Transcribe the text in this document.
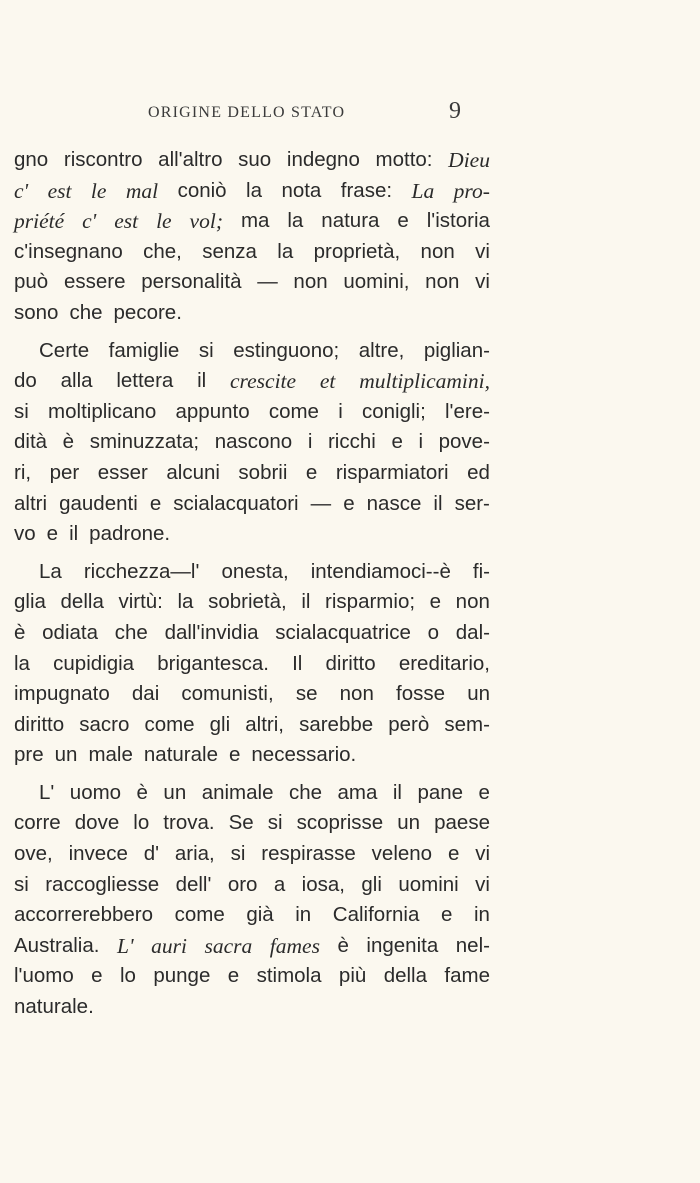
ORIGINE DELLO STATO	9
gno riscontro all'altro suo indegno motto: Dieu
c' est le mal coniò la nota frase: La pro-
priété c' est le vol; ma la natura e l'istoria
c'insegnano che, senza la proprietà, non vi
può essere personalità — non uomini, non vi
sono che pecore.
Certe famiglie si estinguono; altre, piglian-
do alla lettera il crescite et multiplicamini,
si moltiplicano appunto come i conigli; l'ere-
dità è sminuzzata; nascono i ricchi e i pove-
ri, per esser alcuni sobrii e risparmiatori ed
altri gaudenti e scialacquatori — e nasce il ser-
vo e il padrone.
La ricchezza—l' onesta, intendiamoci--è fi-
glia della virtù: la sobrietà, il risparmio; e non
è odiata che dall'invidia scialacquatrice o dal-
la cupidigia brigantesca. Il diritto ereditario,
impugnato dai comunisti, se non fosse un
diritto sacro come gli altri, sarebbe però sem-
pre un male naturale e necessario.
L' uomo è un animale che ama il pane e
corre dove lo trova. Se si scoprisse un paese
ove, invece d' aria, si respirasse veleno e vi
si raccogliesse dell' oro a iosa, gli uomini vi
accorrerebbero come già in California e in
Australia. L' auri sacra fames è ingenita nel-
l'uomo e lo punge e stimola più della fame
naturale.
